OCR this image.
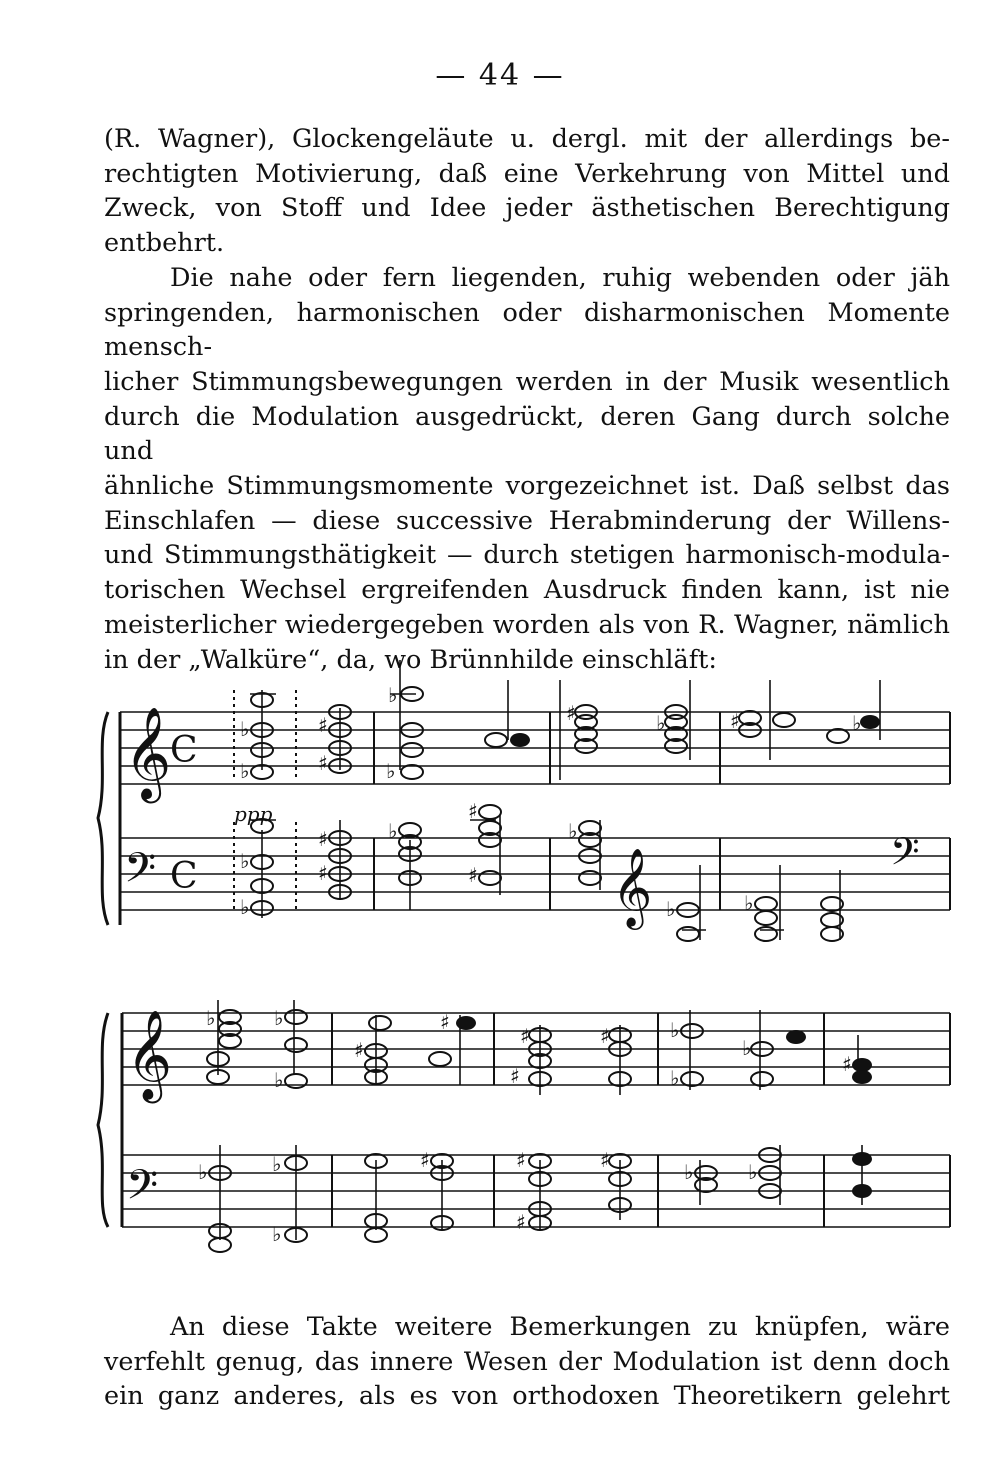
— 44 —

(R. Wagner), Glockengeläute u. dergl. mit der allerdings be-

rechtigten Motivierung, daß eine Verkehrung von Mittel und

Zweck, von Stoff und Idee jeder ästhetischen Berechtigung

entbehrt.

Die nahe oder fern liegenden, ruhig webenden oder jäh

springenden, harmonischen oder disharmonischen Momente mensch-

licher Stimmungsbewegungen werden in der Musik wesentlich

durch die Modulation ausgedrückt, deren Gang durch solche und

ähnliche Stimmungsmomente vorgezeichnet ist. Daß selbst das

Einschlafen — diese successive Herabminderung der Willens-

und Stimmungsthätigkeit — durch stetigen harmonisch-modula-

torischen Wechsel ergreifenden Ausdruck finden kann, ist nie

meisterlicher wiedergegeben worden als von R. Wagner, nämlich

in der „Walküre“, da, wo Brünnhilde einschläft:

𝄞
C
𝄢 C	𝄞	𝄢
♭
♭
♯
♯
♭
♭
♯	♭	♯	♭
♭
♭
♯
♯
♭
♯
♯
♭
♭	♭
ppp
𝄞
𝄢
♭	♭
♭
♯
♯
♯	♯
♯
♭
♭
♭
♯
♭	♭
♭
♯	♯
♯
♯	♭	♭

An diese Takte weitere Bemerkungen zu knüpfen, wäre

verfehlt genug, das innere Wesen der Modulation ist denn doch

ein ganz anderes, als es von orthodoxen Theoretikern gelehrt
